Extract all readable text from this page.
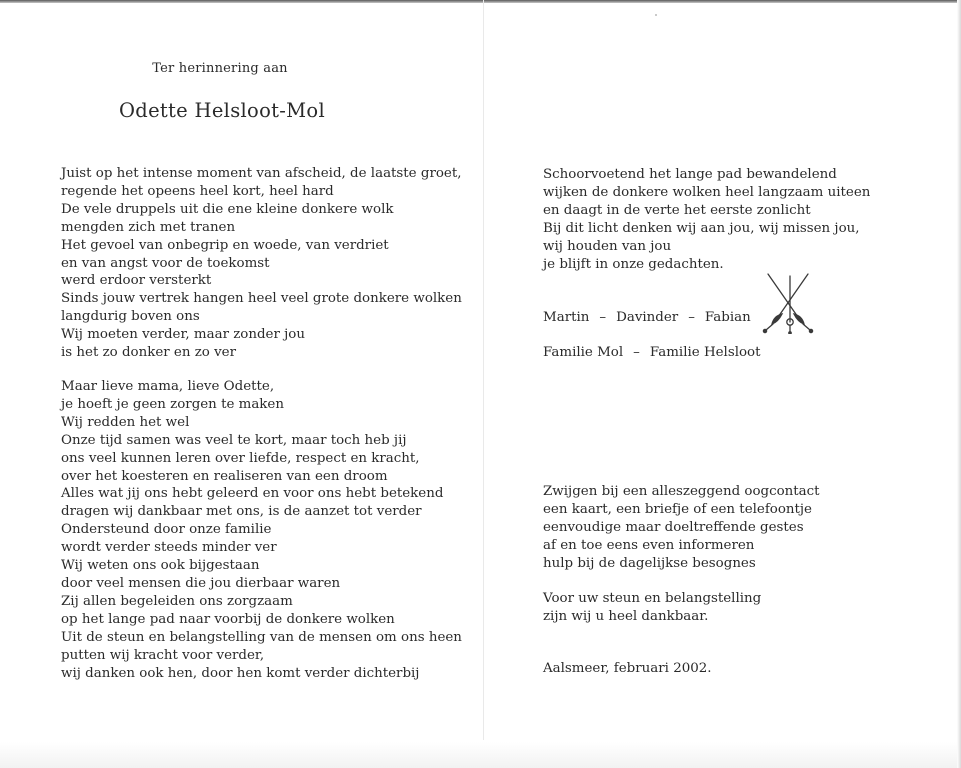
Ter herinnering aan
Odette Helsloot-Mol
Juist op het intense moment van afscheid, de laatste groet,
regende het opeens heel kort, heel hard
De vele druppels uit die ene kleine donkere wolk
mengden zich met tranen
Het gevoel van onbegrip en woede, van verdriet
en van angst voor de toekomst
werd erdoor versterkt
Sinds jouw vertrek hangen heel veel grote donkere wolken
langdurig boven ons
Wij moeten verder, maar zonder jou
is het zo donker en zo ver
Maar lieve mama, lieve Odette,
je hoeft je geen zorgen te maken
Wij redden het wel
Onze tijd samen was veel te kort, maar toch heb jij
ons veel kunnen leren over liefde, respect en kracht,
over het koesteren en realiseren van een droom
Alles wat jij ons hebt geleerd en voor ons hebt betekend
dragen wij dankbaar met ons, is de aanzet tot verder
Ondersteund door onze familie
wordt verder steeds minder ver
Wij weten ons ook bijgestaan
door veel mensen die jou dierbaar waren
Zij allen begeleiden ons zorgzaam
op het lange pad naar voorbij de donkere wolken
Uit de steun en belangstelling van de mensen om ons heen
putten wij kracht voor verder,
wij danken ook hen, door hen komt verder dichterbij
Schoorvoetend het lange pad bewandelend
wijken de donkere wolken heel langzaam uiteen
en daagt in de verte het eerste zonlicht
Bij dit licht denken wij aan jou, wij missen jou,
wij houden van jou
je blijft in onze gedachten.
Martin – Davinder – Fabian
Familie Mol – Familie Helsloot
Zwijgen bij een alleszeggend oogcontact
een kaart, een briefje of een telefoontje
eenvoudige maar doeltreffende gestes
af en toe eens even informeren
hulp bij de dagelijkse besognes
Voor uw steun en belangstelling
zijn wij u heel dankbaar.
Aalsmeer, februari 2002.
